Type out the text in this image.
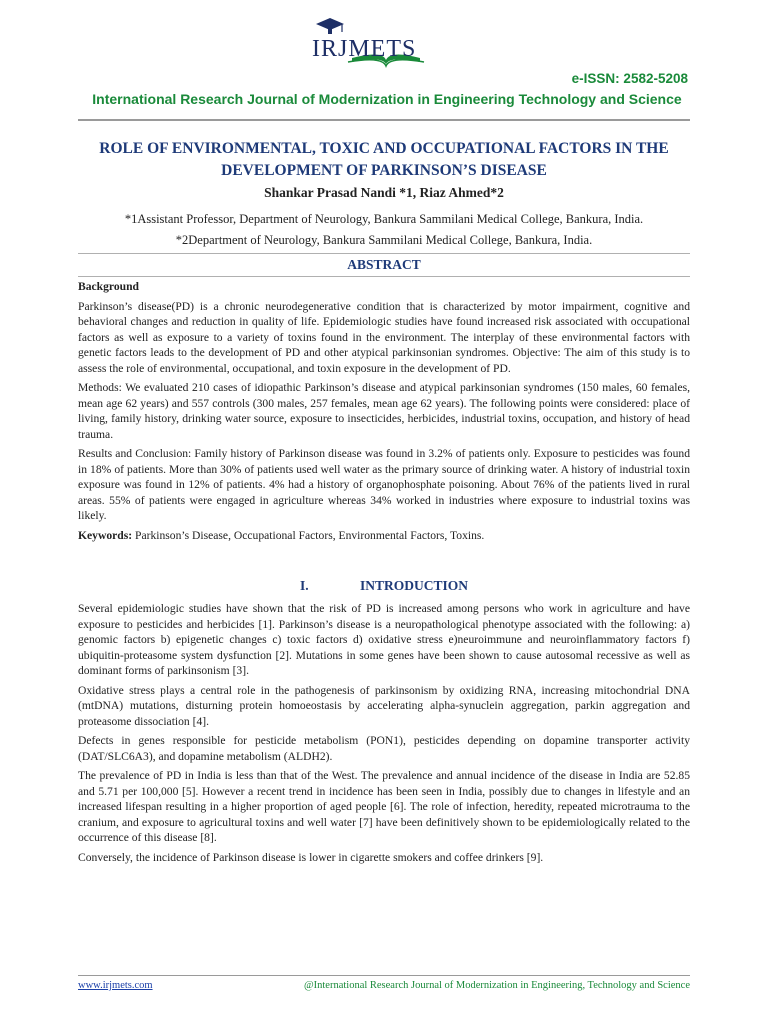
IRJMETS
e-ISSN: 2582-5208
International Research Journal of Modernization in Engineering Technology and Science
ROLE OF ENVIRONMENTAL, TOXIC AND OCCUPATIONAL FACTORS IN THE
DEVELOPMENT OF PARKINSON’S DISEASE
Shankar Prasad Nandi *1, Riaz Ahmed*2
*1Assistant Professor, Department of Neurology, Bankura Sammilani Medical College, Bankura, India.
*2Department of Neurology, Bankura Sammilani Medical College, Bankura, India.
ABSTRACT

Background

Parkinson’s disease(PD) is a chronic neurodegenerative condition that is characterized by motor impairment, cognitive and behavioral changes and reduction in quality of life. Epidemiologic studies have found increased risk associated with occupational factors as well as exposure to a variety of toxins found in the environment. The interplay of these environmental factors with genetic factors leads to the development of PD and other atypical parkinsonian syndromes. Objective: The aim of this study is to assess the role of environmental, occupational, and toxin exposure in the development of PD.

Methods: We evaluated 210 cases of idiopathic Parkinson’s disease and atypical parkinsonian syndromes (150 males, 60 females, mean age 62 years) and 557 controls (300 males, 257 females, mean age 62 years). The following points were considered: place of living, family history, drinking water source, exposure to insecticides, herbicides, industrial toxins, occupation, and history of head trauma.

Results and Conclusion: Family history of Parkinson disease was found in 3.2% of patients only. Exposure to pesticides was found in 18% of patients. More than 30% of patients used well water as the primary source of drinking water. A history of industrial toxin exposure was found in 12% of patients. 4% had a history of organophosphate poisoning. About 76% of the patients lived in rural areas. 55% of patients were engaged in agriculture whereas 34% worked in industries where exposure to industrial toxins was likely.

Keywords: Parkinson’s Disease, Occupational Factors, Environmental Factors, Toxins.

I.	INTRODUCTION

Several epidemiologic studies have shown that the risk of PD is increased among persons who work in agriculture and have exposure to pesticides and herbicides [1]. Parkinson’s disease is a neuropathological phenotype associated with the following: a) genomic factors b) epigenetic changes c) toxic factors d) oxidative stress e)neuroimmune and neuroinflammatory factors f) ubiquitin-proteasome system dysfunction [2]. Mutations in some genes have been shown to cause autosomal recessive as well as dominant forms of parkinsonism [3].

Oxidative stress plays a central role in the pathogenesis of parkinsonism by oxidizing RNA, increasing mitochondrial DNA (mtDNA) mutations, disturning protein homoeostasis by accelerating alpha-synuclein aggregation, parkin aggregation and proteasome dissociation [4].

Defects in genes responsible for pesticide metabolism (PON1), pesticides depending on dopamine transporter activity (DAT/SLC6A3), and dopamine metabolism (ALDH2).

The prevalence of PD in India is less than that of the West. The prevalence and annual incidence of the disease in India are 52.85 and 5.71 per 100,000 [5]. However a recent trend in incidence has been seen in India, possibly due to changes in lifestyle and an increased lifespan resulting in a higher proportion of aged people [6]. The role of infection, heredity, repeated microtrauma to the cranium, and exposure to agricultural toxins and well water [7] have been definitively shown to be epidemiologically related to the occurrence of this disease [8].

Conversely, the incidence of Parkinson disease is lower in cigarette smokers and coffee drinkers [9].

www.irjmets.com	@International Research Journal of Modernization in Engineering, Technology and Science
